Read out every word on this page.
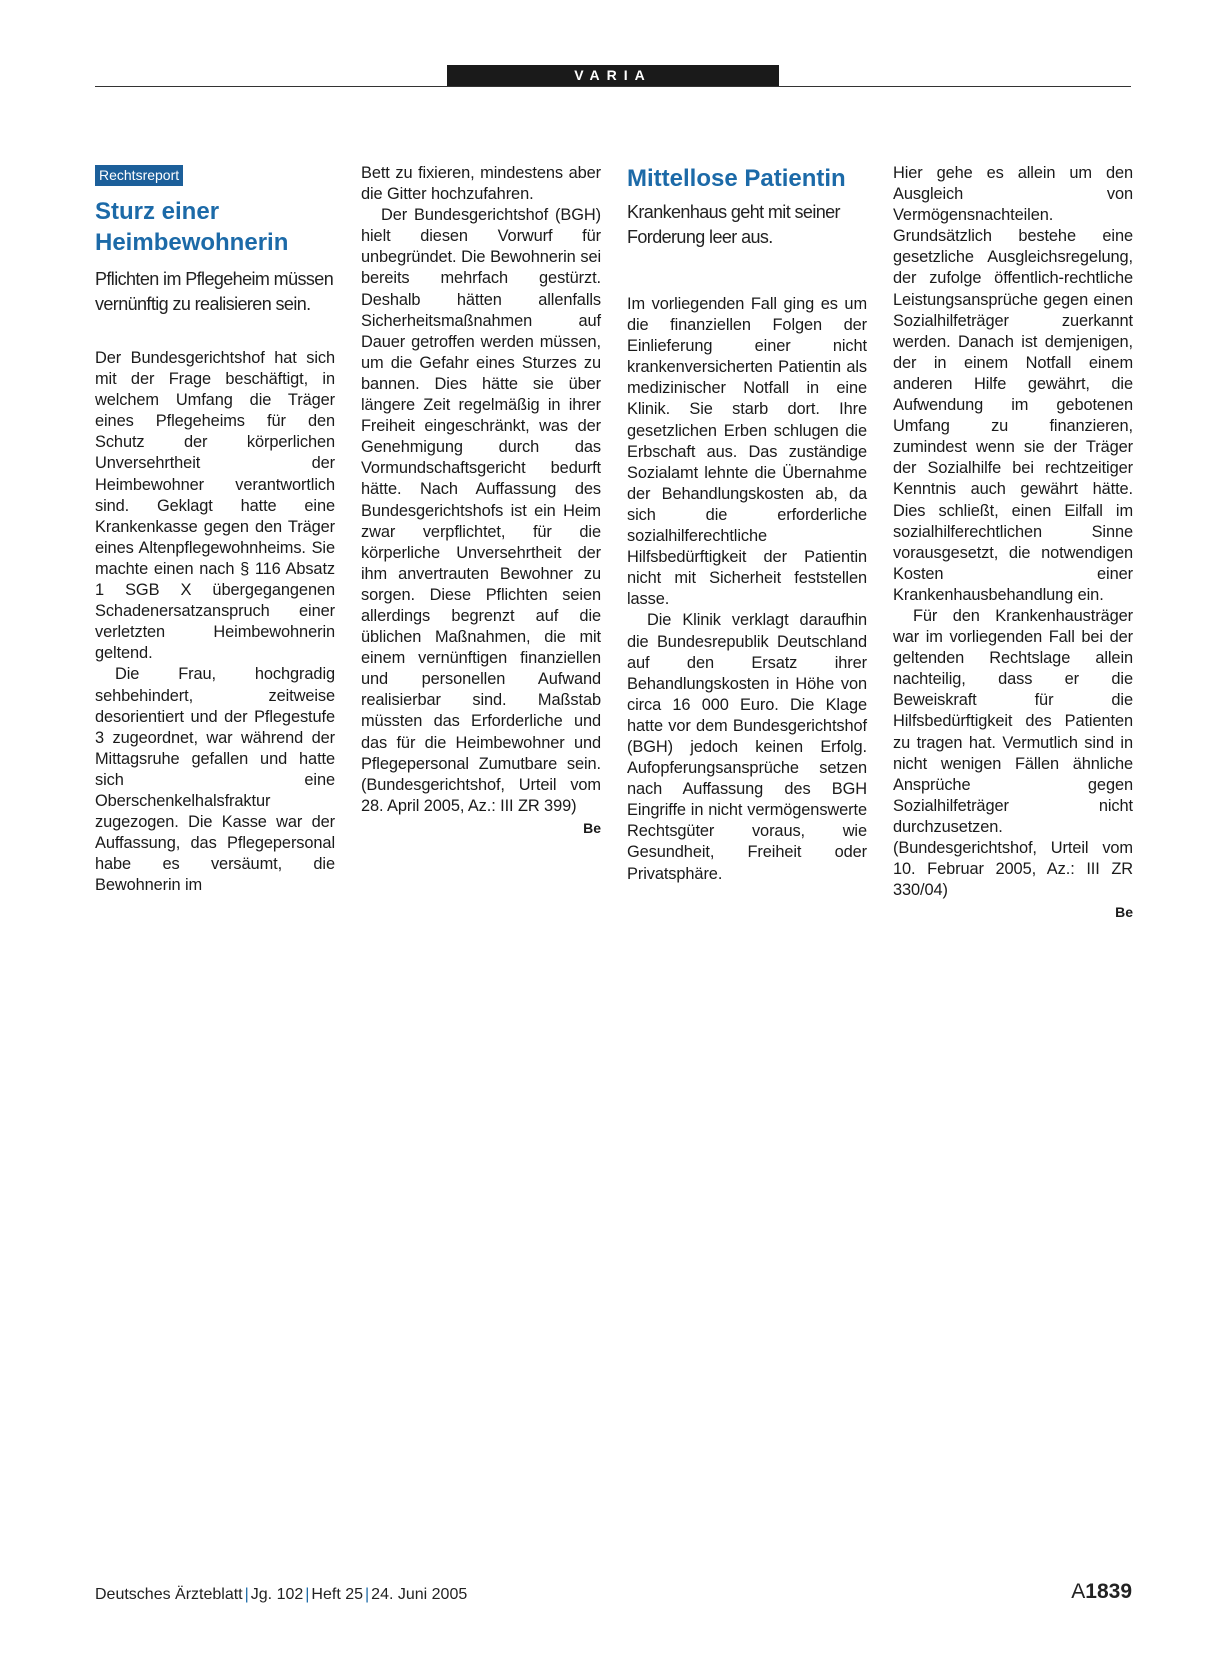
VARIA
Rechtsreport
Sturz einer Heimbewohnerin
Pflichten im Pflegeheim müssen vernünftig zu realisieren sein.

Der Bundesgerichtshof hat sich mit der Frage beschäftigt, in welchem Umfang die Träger eines Pflegeheims für den Schutz der körperlichen Unversehrtheit der Heimbewohner verantwortlich sind. Geklagt hatte eine Krankenkasse gegen den Träger eines Altenpflegewohnheims. Sie machte einen nach § 116 Absatz 1 SGB X übergegangenen Schadenersatzanspruch einer verletzten Heimbewohnerin geltend.

Die Frau, hochgradig sehbehindert, zeitweise desorientiert und der Pflegestufe 3 zugeordnet, war während der Mittagsruhe gefallen und hatte sich eine Oberschenkelhalsfraktur zugezogen. Die Kasse war der Auffassung, das Pflegepersonal habe es versäumt, die Bewohnerin im

Bett zu fixieren, mindestens aber die Gitter hochzufahren.

Der Bundesgerichtshof (BGH) hielt diesen Vorwurf für unbegründet. Die Bewohnerin sei bereits mehrfach gestürzt. Deshalb hätten allenfalls Sicherheitsmaßnahmen auf Dauer getroffen werden müssen, um die Gefahr eines Sturzes zu bannen. Dies hätte sie über längere Zeit regelmäßig in ihrer Freiheit eingeschränkt, was der Genehmigung durch das Vormundschaftsgericht bedurft hätte. Nach Auffassung des Bundesgerichtshofs ist ein Heim zwar verpflichtet, für die körperliche Unversehrtheit der ihm anvertrauten Bewohner zu sorgen. Diese Pflichten seien allerdings begrenzt auf die üblichen Maßnahmen, die mit einem vernünftigen finanziellen und personellen Aufwand realisierbar sind. Maßstab müssten das Erforderliche und das für die Heimbewohner und Pflegepersonal Zumutbare sein. (Bundesgerichtshof, Urteil vom 28. April 2005, Az.: III ZR 399)

Be
Mittellose Patientin
Krankenhaus geht mit seiner Forderung leer aus.

Im vorliegenden Fall ging es um die finanziellen Folgen der Einlieferung einer nicht krankenversicherten Patientin als medizinischer Notfall in eine Klinik. Sie starb dort. Ihre gesetzlichen Erben schlugen die Erbschaft aus. Das zuständige Sozialamt lehnte die Übernahme der Behandlungskosten ab, da sich die erforderliche sozialhilferechtliche Hilfsbedürftigkeit der Patientin nicht mit Sicherheit feststellen lasse.

Die Klinik verklagt daraufhin die Bundesrepublik Deutschland auf den Ersatz ihrer Behandlungskosten in Höhe von circa 16 000 Euro. Die Klage hatte vor dem Bundesgerichtshof (BGH) jedoch keinen Erfolg. Aufopferungsansprüche setzen nach Auffassung des BGH Eingriffe in nicht vermögenswerte Rechtsgüter voraus, wie Gesundheit, Freiheit oder Privatsphäre.

Hier gehe es allein um den Ausgleich von Vermögensnachteilen. Grundsätzlich bestehe eine gesetzliche Ausgleichsregelung, der zufolge öffentlich-rechtliche Leistungsansprüche gegen einen Sozialhilfeträger zuerkannt werden. Danach ist demjenigen, der in einem Notfall einem anderen Hilfe gewährt, die Aufwendung im gebotenen Umfang zu finanzieren, zumindest wenn sie der Träger der Sozialhilfe bei rechtzeitiger Kenntnis auch gewährt hätte. Dies schließt, einen Eilfall im sozialhilferechtlichen Sinne vorausgesetzt, die notwendigen Kosten einer Krankenhausbehandlung ein.

Für den Krankenhausträger war im vorliegenden Fall bei der geltenden Rechtslage allein nachteilig, dass er die Beweiskraft für die Hilfsbedürftigkeit des Patienten zu tragen hat. Vermutlich sind in nicht wenigen Fällen ähnliche Ansprüche gegen Sozialhilfeträger nicht durchzusetzen. (Bundesgerichtshof, Urteil vom 10. Februar 2005, Az.: III ZR 330/04)

Be
Deutsches Ärzteblatt | Jg. 102 | Heft 25 | 24. Juni 2005	A1839
